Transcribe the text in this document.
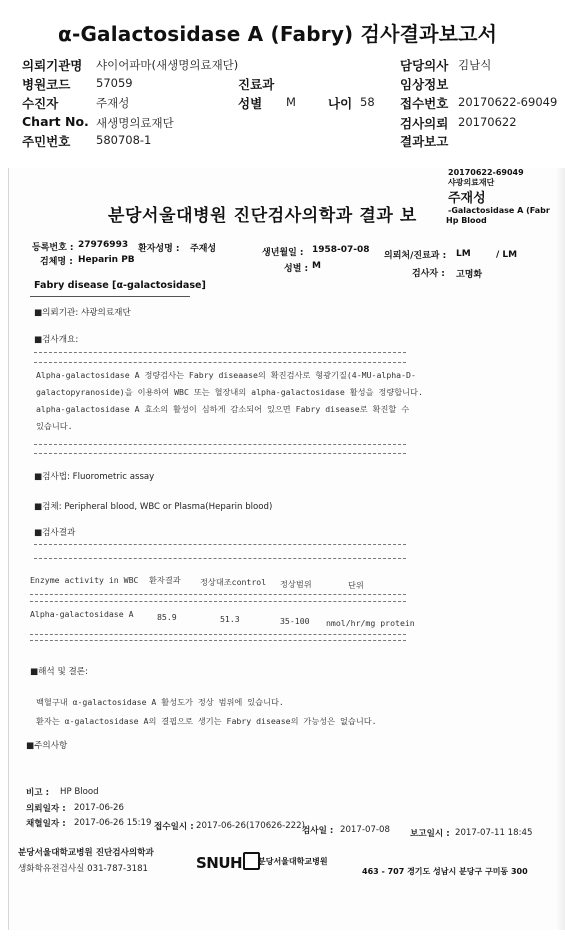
α-Galactosidase A (Fabry) 검사결과보고서
의뢰기관명 샤이어파마(새생명의료재단)	담당의사 김남식
병원코드 57059	진료과	임상정보
수진자	주재성	성별 M	나이 58 접수번호 20170622-69049
Chart No. 새생명의료재단	검사의뢰 20170622
주민번호 580708-1	결과보고
20170622-69049
샤광의료재단
주재성
-Galactosidase A (Fabr
Hp Blood
분당서울대병원 진단검사의학과 결과 보
등록번호 : 27976993 환자성명 : 주재성	생년월일 : 1958-07-08
의뢰처/진료과 : LM	/ LM
검체명 : Heparin PB
성별 : M
검사자 : 고명화
Fabry disease [α-galactosidase]
■의뢰기관: 샤광의료재단
■검사개요:
Alpha-galactosidase A 정량검사는 Fabry diseaase의 확진검사로 형광기질(4-MU-alpha-D-
galactopyranoside)을 이용하여 WBC 또는 혈장내의 alpha-galactosidase 활성을 정량합니다.
alpha-galactosidase A 효소의 활성이 심하게 감소되어 있으면 Fabry disease로 확진할 수
있습니다.
■검사법: Fluorometric assay
■검체: Peripheral blood, WBC or Plasma(Heparin blood)
■검사결과
Enzyme activity in WBC 환자결과 정상대조control 정상범위	단위
Alpha-galactosidase A	85.9	51.3	35-100 nmol/hr/mg protein
■해석 및 결론:
백혈구내 α-galactosidase A 활성도가 정상 범위에 있습니다.
환자는 α-galactosidase A의 결핍으로 생기는 Fabry disease의 가능성은 없습니다.
■주의사항
비고 : HP Blood
의뢰일자 : 2017-06-26
채혈일자 : 2017-06-26 15:19 접수일시 : 2017-06-26(170626-222)
검사일 : 2017-07-08 보고일시 : 2017-07-11 18:45
분당서울대학교병원 진단검사의학과
생화학유전검사실 031-787-3181	SNUH	분당서울대학교병원
463 - 707 경기도 성남시 분당구 구미동 300
